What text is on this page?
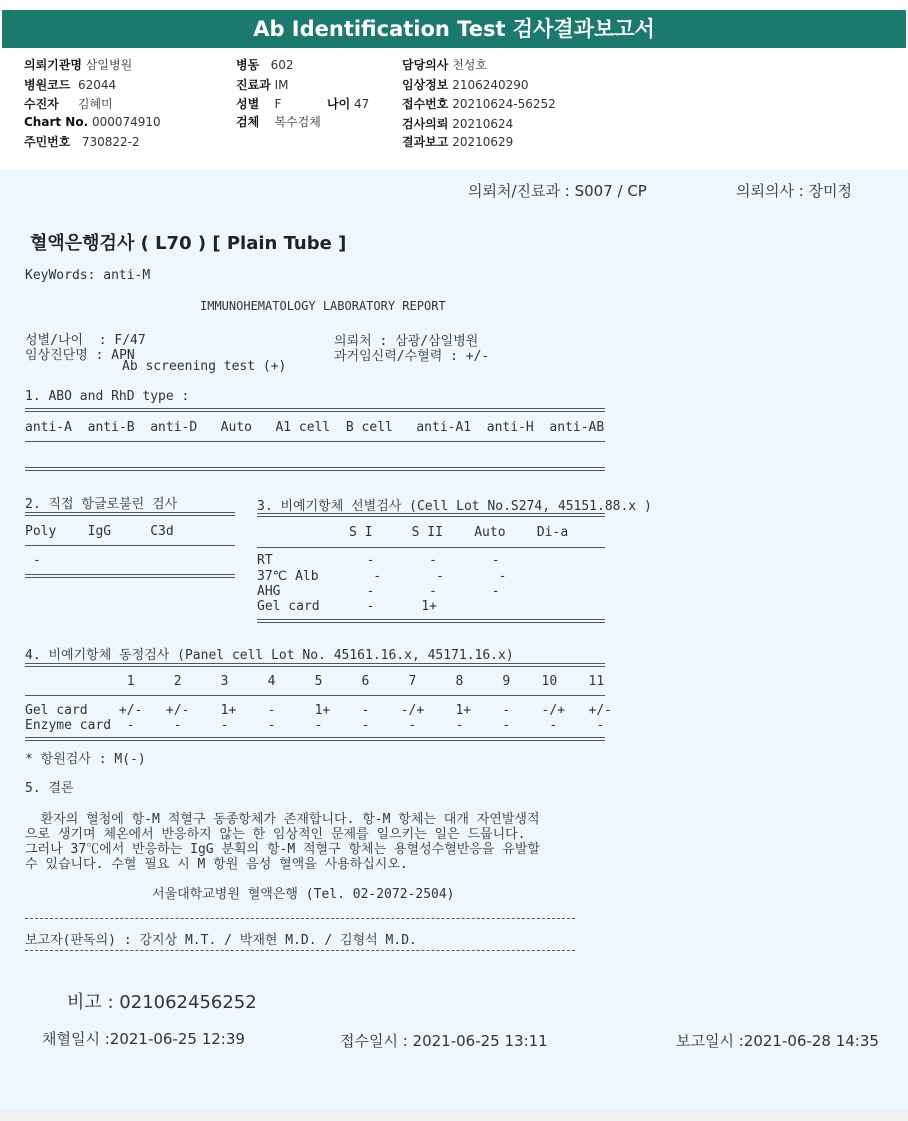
Ab Identification Test 검사결과보고서
의뢰기관명 삼일병원
병원코드 62044
수진자 김혜미
Chart No. 000074910
주민번호 730822-2
병동 602
진료과 IM
성별 F	나이 47
검체 복수검체
담당의사 천성호
임상정보 2106240290
접수번호 20210624-56252
검사의뢰 20210624
결과보고 20210629
의뢰처/진료과 : S007 / CP	의뢰의사 : 장미정
혈액은행검사 ( L70 ) [ Plain Tube ]
KeyWords: anti-M
IMMUNOHEMATOLOGY LABORATORY REPORT
성별/나이  : F/47
임상진단명 : APN
Ab screening test (+)
의뢰처 : 삼광/삼일병원
과거임신력/수혈력 : +/-
1. ABO and RhD type :
anti-A  anti-B  anti-D   Auto   A1 cell  B cell   anti-A1  anti-H  anti-AB
2. 직접 항글로불린 검사
Poly    IgG     C3d
-
3. 비예기항체 선별검사 (Cell Lot No.S274, 45151.88.x )
S I     S II    Auto    Di-a
RT            -       -       -
37℃ Alb       -       -       -
AHG           -       -       -
Gel card      -      1+
4. 비예기항체 동정검사 (Panel cell Lot No. 45161.16.x, 45171.16.x)
1     2     3     4     5     6     7     8     9    10    11
Gel card    +/-   +/-    1+    -     1+    -    -/+    1+    -    -/+   +/-
Enzyme card  -     -     -     -     -     -     -     -     -     -     -
* 항원검사 : M(-)
5. 결론
환자의 혈청에 항-M 적혈구 동종항체가 존재합니다. 항-M 항체는 대개 자연발생적
으로 생기며 체온에서 반응하지 않는 한 임상적인 문제를 일으키는 일은 드뭅니다.
그러나 37℃에서 반응하는 IgG 분획의 항-M 적혈구 항체는 용혈성수혈반응을 유발할
수 있습니다. 수혈 필요 시 M 항원 음성 혈액을 사용하십시오.
서울대학교병원 혈액은행 (Tel. 02-2072-2504)
보고자(판독의) : 강지상 M.T. / 박재현 M.D. / 김형석 M.D.
비고 : 021062456252
채혈일시 :2021-06-25 12:39	접수일시 : 2021-06-25 13:11	보고일시 :2021-06-28 14:35
